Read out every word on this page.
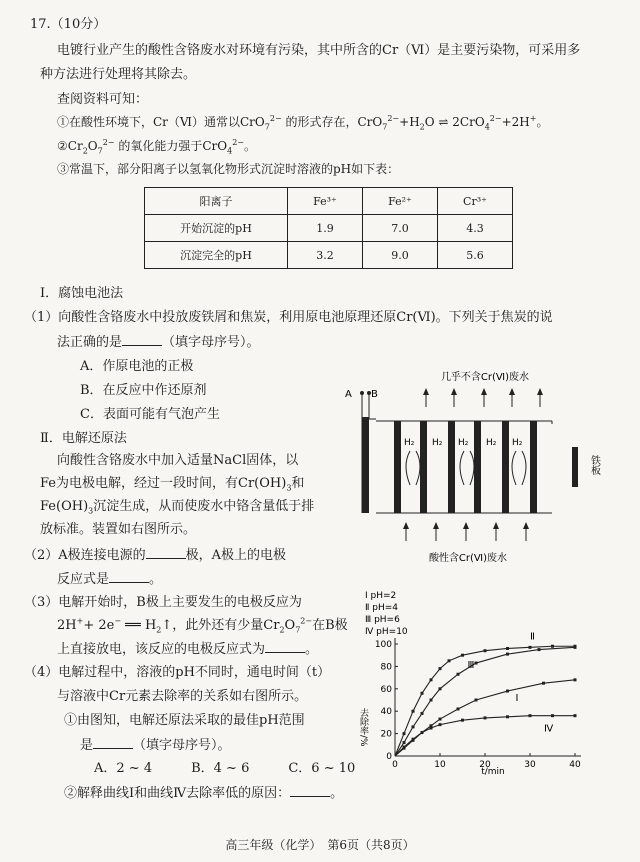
17.（10分）
电镀行业产生的酸性含铬废水对环境有污染，其中所含的Cr（Ⅵ）是主要污染物，可采用多
种方法进行处理将其除去。
查阅资料可知：
①在酸性环境下，Cr（Ⅵ）通常以CrO$_7^{2-}$ 的形式存在，$CrO_7^{2-}+H_2O$ ⇌ 2CrO$_4^{2-}$+2H+。
$②Cr_2O_7^{2-}$ 的氧化能力强于CrO$_4^{2-}$。
③常温下，部分阳离子以氢氧化物形式沉淀时溶液的pH如下表：
阳离子	Fe³⁺	Fe²⁺	Cr³⁺
开始沉淀的pH	1.9	7.0	4.3
沉淀完全的pH	3.2	9.0	5.6
I．腐蚀电池法
（1）向酸性含铬废水中投放废铁屑和焦炭，利用原电池原理还原Cr(Ⅵ)。下列关于焦炭的说
法正确的是	（填字母序号）。
A．作原电池的正极
B．在反应中作还原剂
C．表面可能有气泡产生
Ⅱ．电解还原法
向酸性含铬废水中加入适量NaCl固体，以
Fe为电极电解，经过一段时间，有$Cr(OH)_3$和
$Fe(OH)_3$沉淀生成，从而使废水中铬含量低于排
放标准。装置如右图所示。
（2）A极连接电源的	极，A极上的电极
反应式是	。
（3）电解开始时，B极上主要发生的电极反应为
2H++ 2e− ══ $H_2↑$，此外还有少量$Cr_2O_7^{2-}$在B极
上直接放电，该反应的电极反应式为	。
（4）电解过程中，溶液的pH不同时，通电时间（t）
与溶液中Cr元素去除率的关系如右图所示。
①由图知，电解还原法采取的最佳pH范围
是	（填字母序号）。
A．2 ~ 4　　　B．4 ~ 6　　　C．6 ~ 10
②解释曲线Ⅰ和曲线Ⅳ去除率低的原因：	。
几乎不含Cr(Ⅵ)废水
A B
H₂ H₂ H₂ H₂ H₂
铁板
酸性含Cr(Ⅵ)废水
Ⅰ pH=2
Ⅱ pH=4
Ⅲ pH=6
Ⅳ pH=10
去除率/%
t/min
0	10	20	30	40
0
20
40
60
80
100
Ⅰ
Ⅱ
Ⅲ
Ⅳ
高三年级（化学）　第6页（共8页）
